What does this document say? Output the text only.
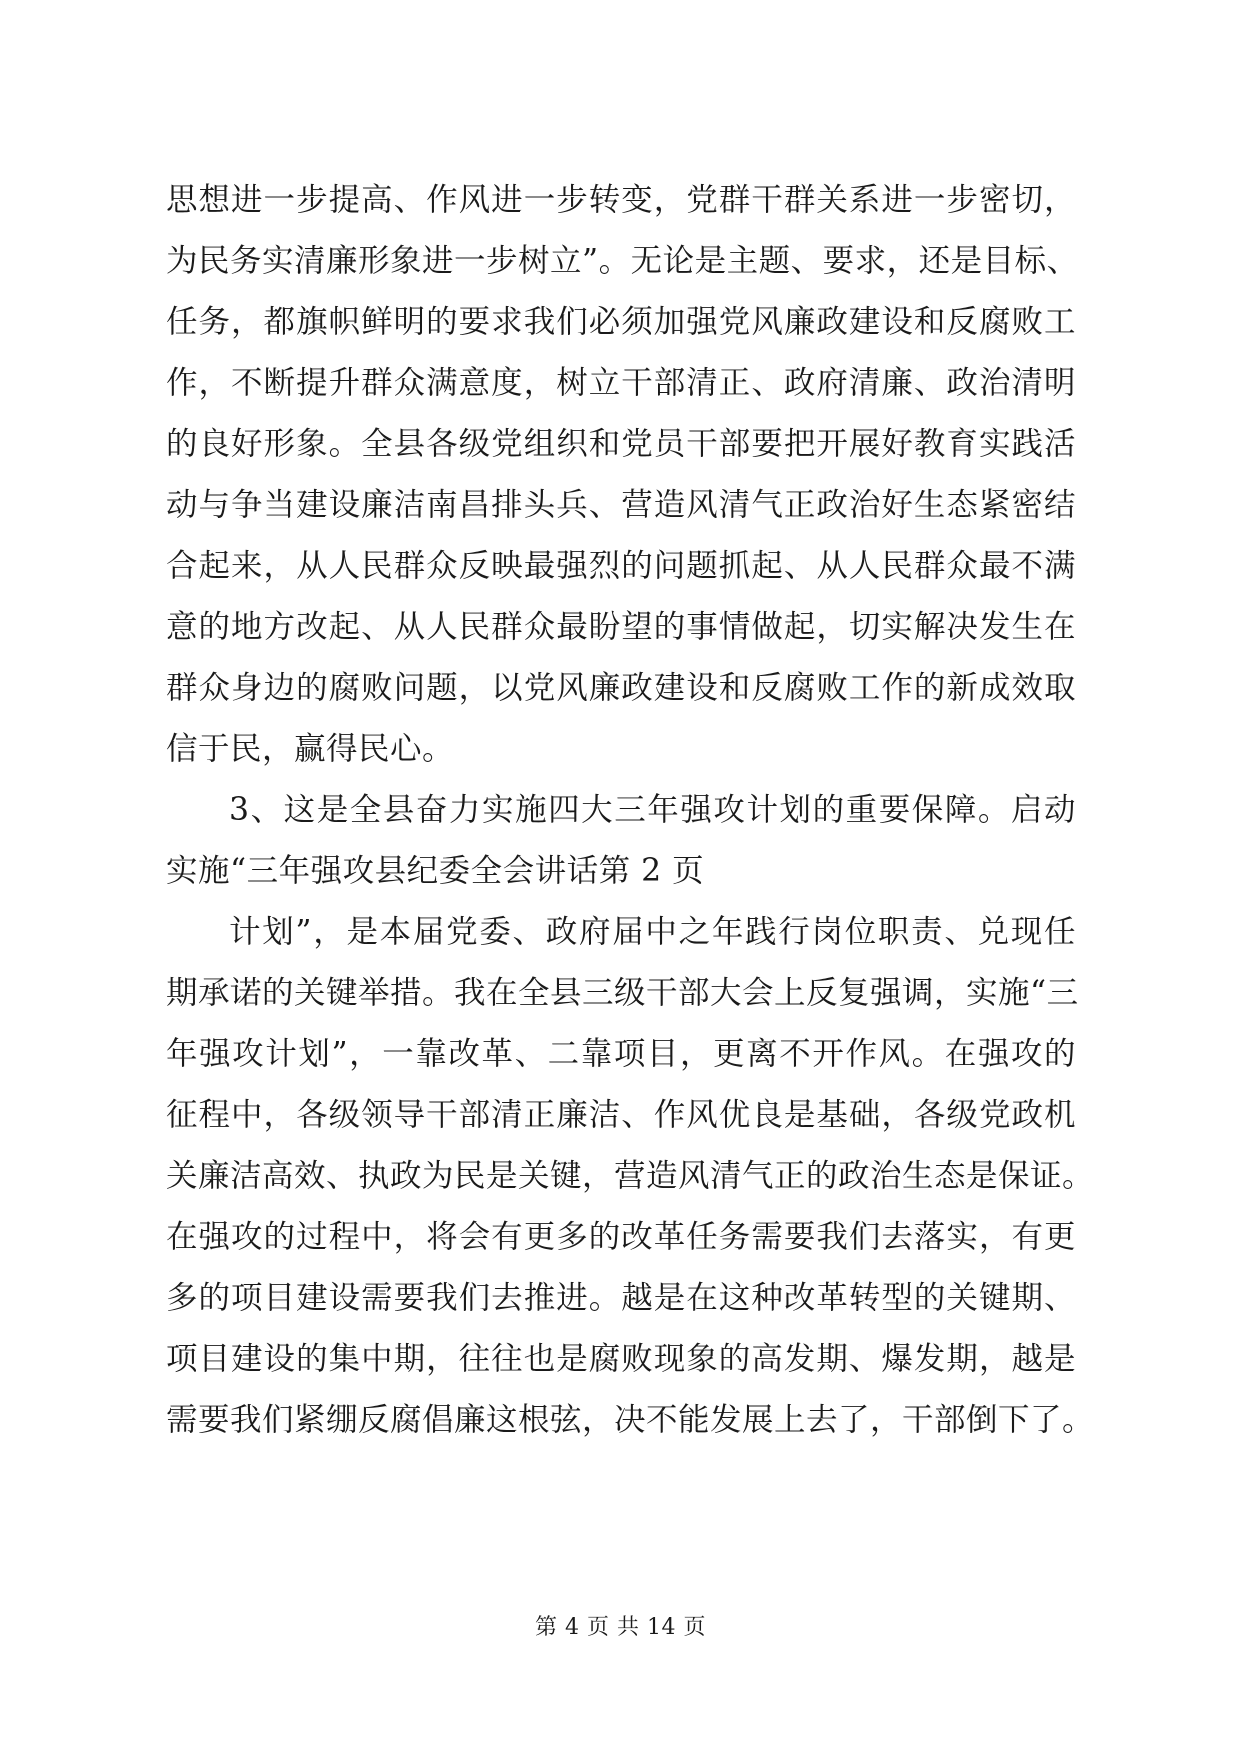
思想进一步提高、作风进一步转变，党群干群关系进一步密切，
为民务实清廉形象进一步树立”。无论是主题、要求，还是目标、
任务，都旗帜鲜明的要求我们必须加强党风廉政建设和反腐败工
作，不断提升群众满意度，树立干部清正、政府清廉、政治清明
的良好形象。全县各级党组织和党员干部要把开展好教育实践活
动与争当建设廉洁南昌排头兵、营造风清气正政治好生态紧密结
合起来，从人民群众反映最强烈的问题抓起、从人民群众最不满
意的地方改起、从人民群众最盼望的事情做起，切实解决发生在
群众身边的腐败问题，以党风廉政建设和反腐败工作的新成效取
信于民，赢得民心。
3、这是全县奋力实施四大三年强攻计划的重要保障。启动
实施“三年强攻县纪委全会讲话第 2 页
计划”，是本届党委、政府届中之年践行岗位职责、兑现任
期承诺的关键举措。我在全县三级干部大会上反复强调，实施“三
年强攻计划”，一靠改革、二靠项目，更离不开作风。在强攻的
征程中，各级领导干部清正廉洁、作风优良是基础，各级党政机
关廉洁高效、执政为民是关键，营造风清气正的政治生态是保证。
在强攻的过程中，将会有更多的改革任务需要我们去落实，有更
多的项目建设需要我们去推进。越是在这种改革转型的关键期、
项目建设的集中期，往往也是腐败现象的高发期、爆发期，越是
需要我们紧绷反腐倡廉这根弦，决不能发展上去了，干部倒下了。
第 4 页 共 14 页
